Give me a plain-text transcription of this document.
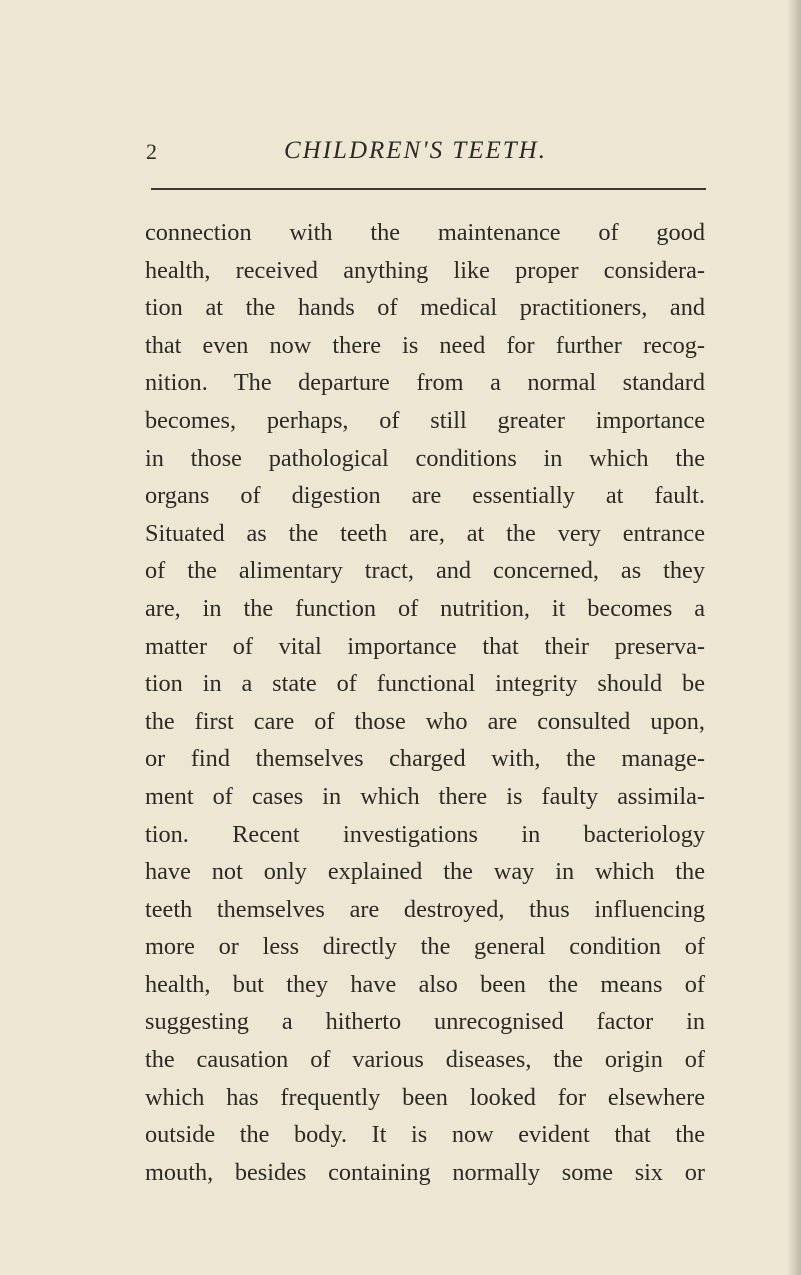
2	CHILDREN'S TEETH.
connection with the maintenance of good
health, received anything like proper considera-
tion at the hands of medical practitioners, and
that even now there is need for further recog-
nition. The departure from a normal standard
becomes, perhaps, of still greater importance
in those pathological conditions in which the
organs of digestion are essentially at fault.
Situated as the teeth are, at the very entrance
of the alimentary tract, and concerned, as they
are, in the function of nutrition, it becomes a
matter of vital importance that their preserva-
tion in a state of functional integrity should be
the first care of those who are consulted upon,
or find themselves charged with, the manage-
ment of cases in which there is faulty assimila-
tion. Recent investigations in bacteriology
have not only explained the way in which the
teeth themselves are destroyed, thus influencing
more or less directly the general condition of
health, but they have also been the means of
suggesting a hitherto unrecognised factor in
the causation of various diseases, the origin of
which has frequently been looked for elsewhere
outside the body. It is now evident that the
mouth, besides containing normally some six or
